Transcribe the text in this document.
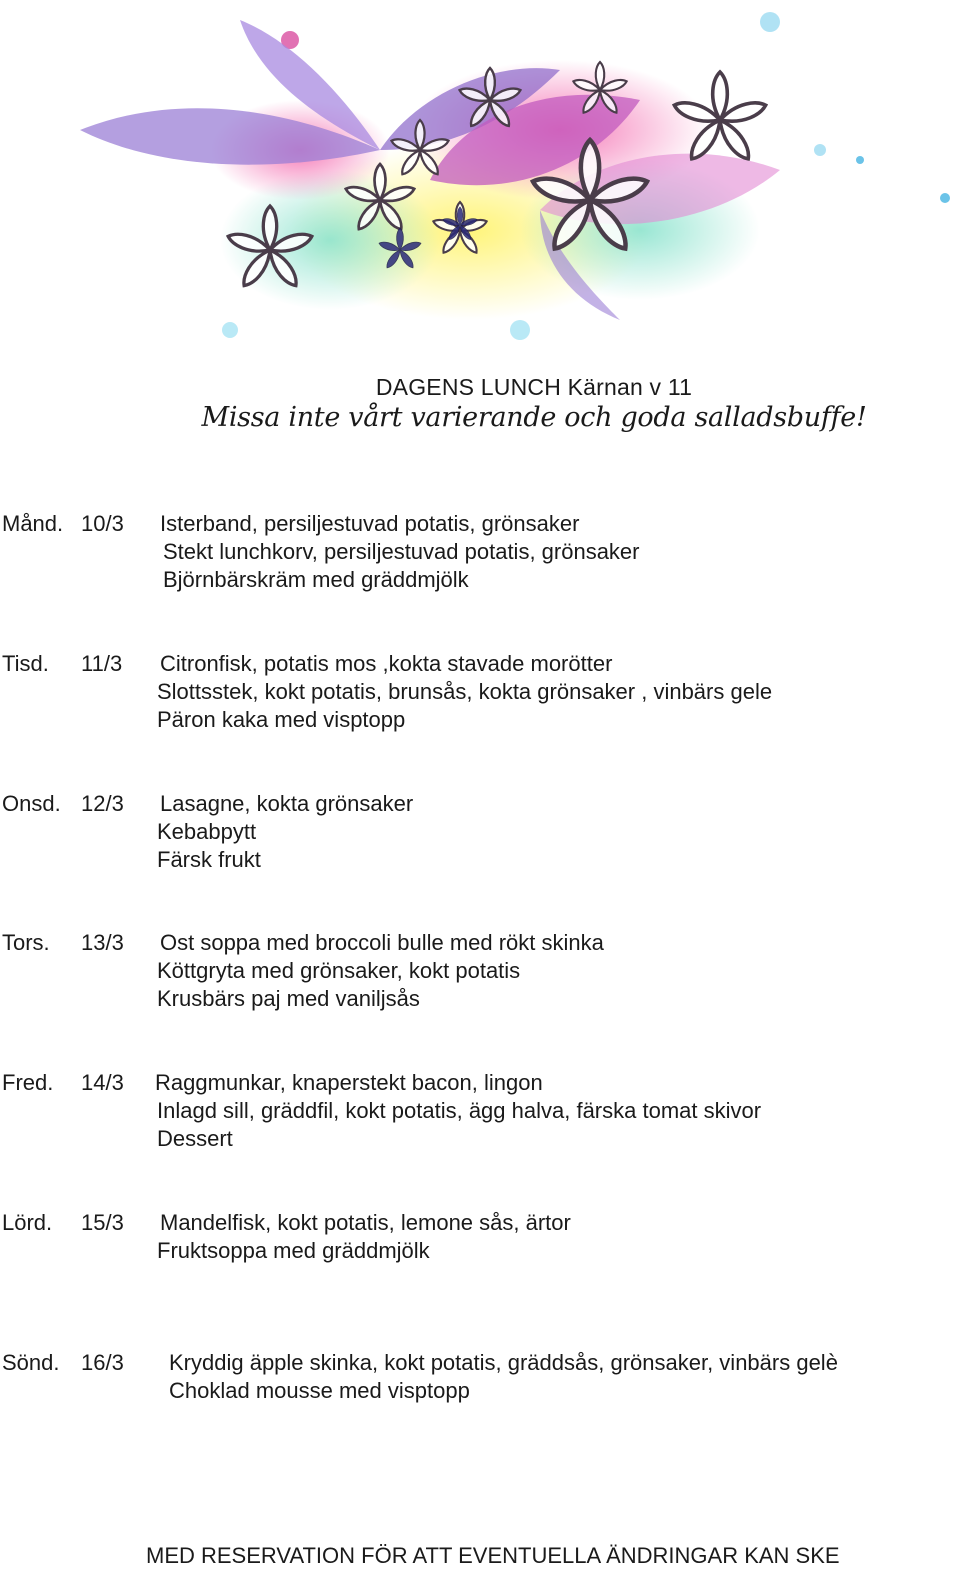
DAGENS LUNCH Kärnan v 11
Missa inte vårt varierande och goda salladsbuffe!
Månd. 10/3 Isterband, persiljestuvad potatis, grönsaker
Stekt lunchkorv, persiljestuvad potatis, grönsaker
Björnbärskräm med gräddmjölk
Tisd. 11/3 Citronfisk, potatis mos ,kokta stavade morötter
Slottsstek, kokt potatis, brunsås, kokta grönsaker , vinbärs gele
Päron kaka med visptopp
Onsd. 12/3 Lasagne, kokta grönsaker
Kebabpytt
Färsk frukt
Tors. 13/3 Ost soppa med broccoli bulle med rökt skinka
Köttgryta med grönsaker, kokt potatis
Krusbärs paj med vaniljsås
Fred. 14/3 Raggmunkar, knaperstekt bacon, lingon
Inlagd sill, gräddfil, kokt potatis, ägg halva, färska tomat skivor
Dessert
Lörd. 15/3 Mandelfisk, kokt potatis, lemone sås, ärtor
Fruktsoppa med gräddmjölk
Sönd. 16/3 Kryddig äpple skinka, kokt potatis, gräddsås, grönsaker, vinbärs gelè
Choklad mousse med visptopp
MED RESERVATION FÖR ATT EVENTUELLA ÄNDRINGAR KAN SKE
